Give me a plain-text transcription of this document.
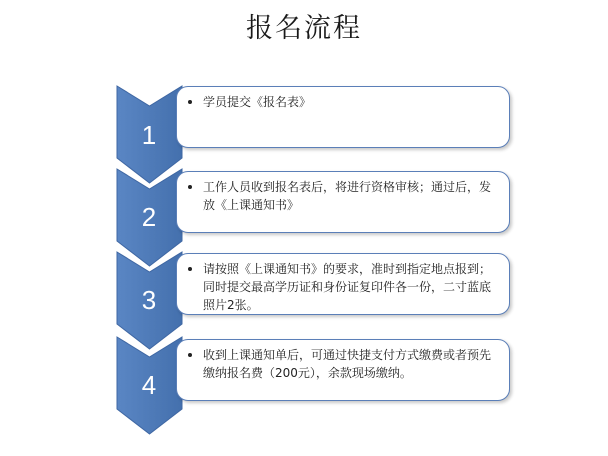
报名流程
学员提交《报名表》
工作人员收到报名表后，将进行资格审核；通过后，发放《上课通知书》
请按照《上课通知书》的要求，准时到指定地点报到；同时提交最高学历证和身份证复印件各一份，二寸蓝底照片2张。
收到上课通知单后，可通过快捷支付方式缴费或者预先缴纳报名费（200元），余款现场缴纳。
1
2
3
4
